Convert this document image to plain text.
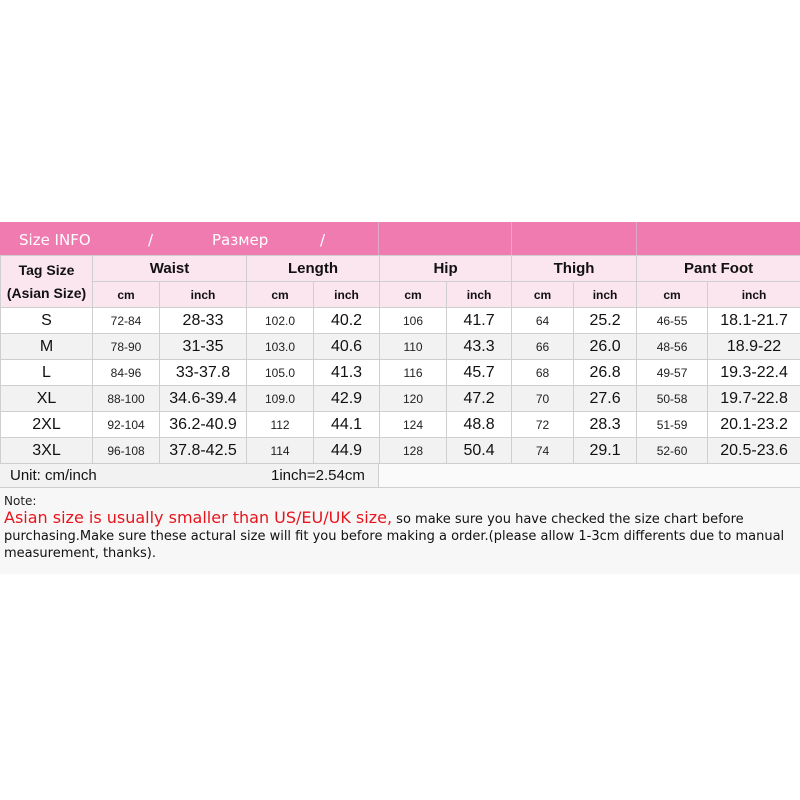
Size INFO	/	Размер	/
Tag Size
(Asian Size)	Waist		Length		Hip		Thigh		Pant Foot	
	cm	inch	cm	inch	cm	inch	cm	inch	cm	inch
S	72-84	28-33	102.0	40.2	106	41.7	64	25.2	46-55	18.1-21.7
M	78-90	31-35	103.0	40.6	110	43.3	66	26.0	48-56	18.9-22
L	84-96	33-37.8	105.0	41.3	116	45.7	68	26.8	49-57	19.3-22.4
XL	88-100	34.6-39.4	109.0	42.9	120	47.2	70	27.6	50-58	19.7-22.8
2XL	92-104	36.2-40.9	112	44.1	124	48.8	72	28.3	51-59	20.1-23.2
3XL	96-108	37.8-42.5	114	44.9	128	50.4	74	29.1	52-60	20.5-23.6
Unit: cm/inch	1inch=2.54cm
Note:
Asian size is usually smaller than US/EU/UK size, so make sure you have checked the size chart before purchasing.Make sure these actural size will fit you before making a order.(please allow 1-3cm differents due to manual measurement, thanks).
